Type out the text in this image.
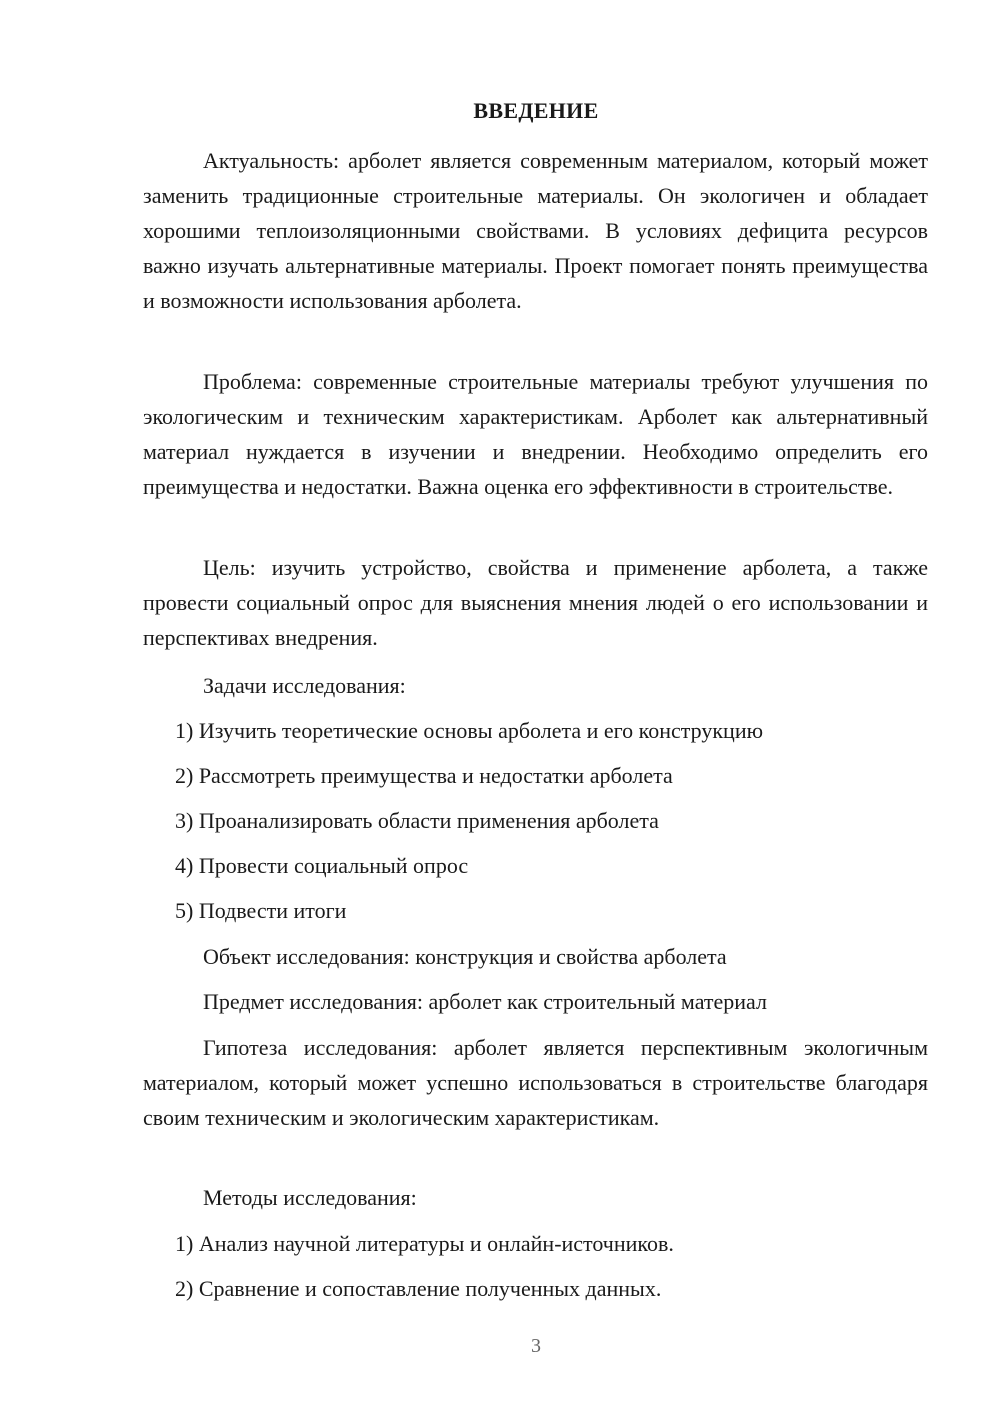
ВВЕДЕНИЕ

Актуальность: арболет является современным материалом, который может заменить традиционные строительные материалы. Он экологичен и обладает хорошими теплоизоляционными свойствами. В условиях дефицита ресурсов важно изучать альтернативные материалы. Проект помогает понять преимущества и возможности использования арболета.

Проблема: современные строительные материалы требуют улучшения по экологическим и техническим характеристикам. Арболет как альтернативный материал нуждается в изучении и внедрении. Необходимо определить его преимущества и недостатки. Важна оценка его эффективности в строительстве.

Цель: изучить устройство, свойства и применение арболета, а также провести социальный опрос для выяснения мнения людей о его использовании и перспективах внедрения.

Задачи исследования:

1) Изучить теоретические основы арболета и его конструкцию

2) Рассмотреть преимущества и недостатки арболета

3) Проанализировать области применения арболета

4) Провести социальный опрос

5) Подвести итоги

Объект исследования: конструкция и свойства арболета

Предмет исследования: арболет как строительный материал

Гипотеза исследования: арболет является перспективным экологичным материалом, который может успешно использоваться в строительстве благодаря своим техническим и экологическим характеристикам.

Методы исследования:

1) Анализ научной литературы и онлайн-источников.

2) Сравнение и сопоставление полученных данных.

3
